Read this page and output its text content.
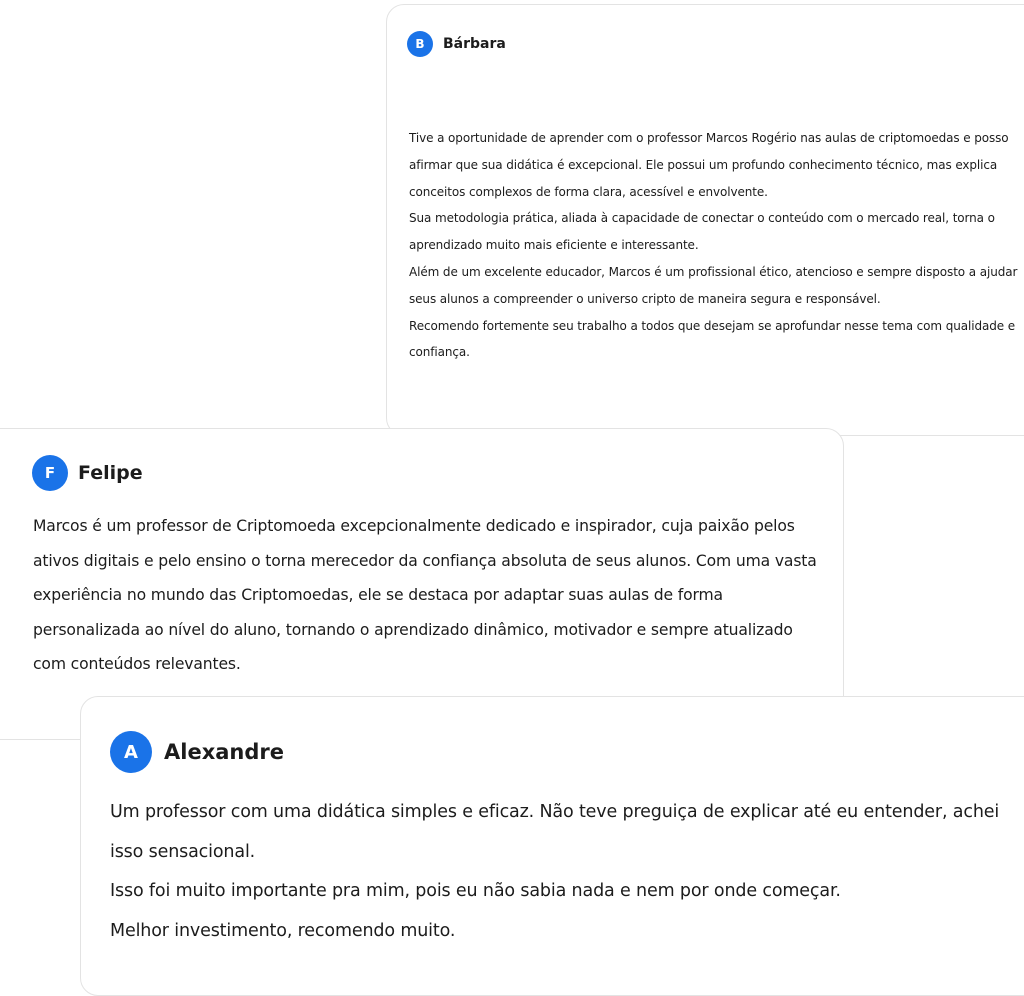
B	Bárbara

Tive a oportunidade de aprender com o professor Marcos Rogério nas aulas de criptomoedas e posso afirmar que sua didática é excepcional. Ele possui um profundo conhecimento técnico, mas explica conceitos complexos de forma clara, acessível e envolvente.

Sua metodologia prática, aliada à capacidade de conectar o conteúdo com o mercado real, torna o aprendizado muito mais eficiente e interessante.

Além de um excelente educador, Marcos é um profissional ético, atencioso e sempre disposto a ajudar seus alunos a compreender o universo cripto de maneira segura e responsável.

Recomendo fortemente seu trabalho a todos que desejam se aprofundar nesse tema com qualidade e confiança.

F	Felipe

Marcos é um professor de Criptomoeda excepcionalmente dedicado e inspirador, cuja paixão pelos ativos digitais e pelo ensino o torna merecedor da confiança absoluta de seus alunos. Com uma vasta experiência no mundo das Criptomoedas, ele se destaca por adaptar suas aulas de forma personalizada ao nível do aluno, tornando o aprendizado dinâmico, motivador e sempre atualizado com conteúdos relevantes.

A	Alexandre

Um professor com uma didática simples e eficaz. Não teve preguiça de explicar até eu entender, achei isso sensacional.

Isso foi muito importante pra mim, pois eu não sabia nada e nem por onde começar.

Melhor investimento, recomendo muito.
